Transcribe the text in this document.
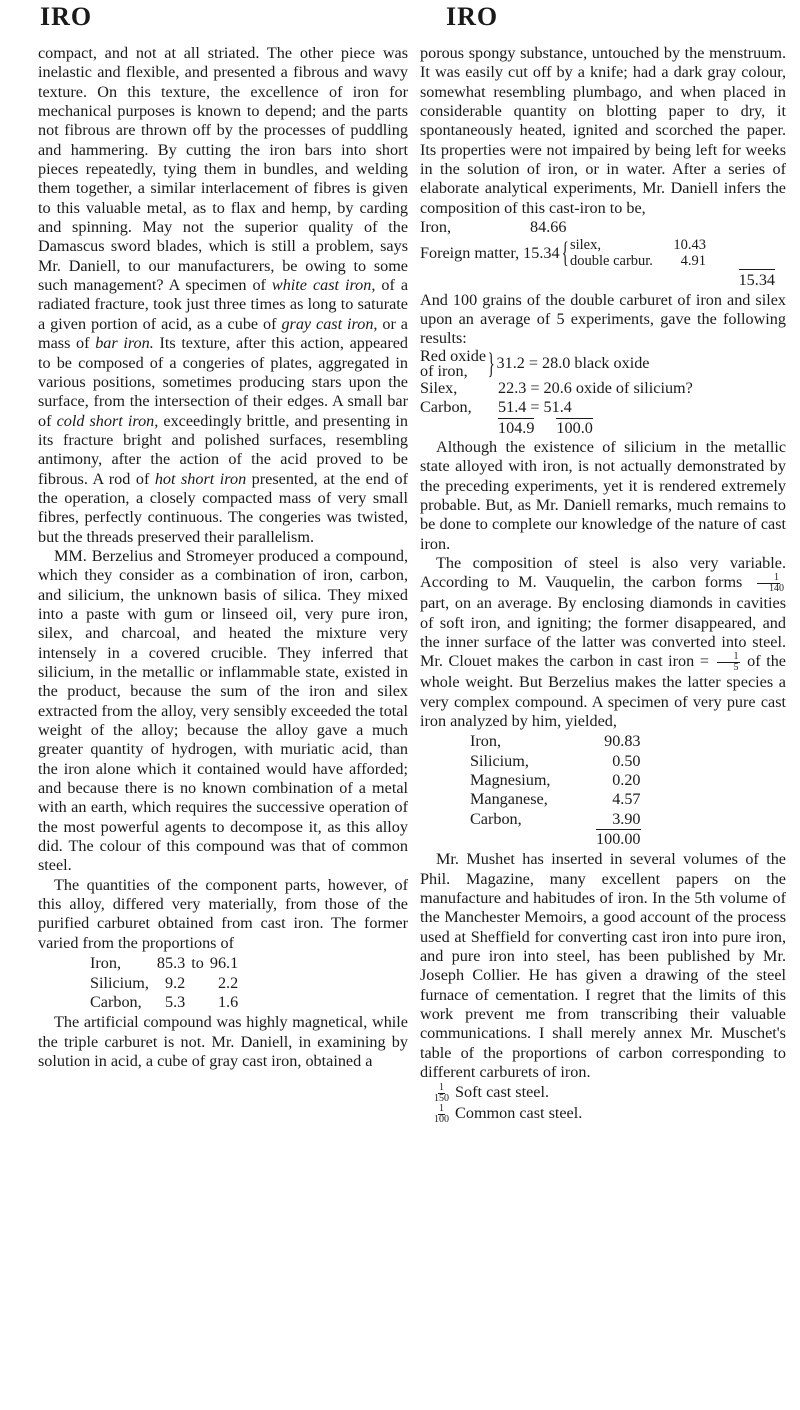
IRO	IRO

compact, and not at all striated. The other piece was inelastic and flexible, and presented a fibrous and wavy texture. On this texture, the excellence of iron for mechanical purposes is known to depend; and the parts not fibrous are thrown off by the processes of puddling and hammering. By cutting the iron bars into short pieces repeatedly, tying them in bundles, and welding them together, a similar interlacement of fibres is given to this valuable metal, as to flax and hemp, by carding and spinning. May not the superior quality of the Damascus sword blades, which is still a problem, says Mr. Daniell, to our manufacturers, be owing to some such management? A specimen of white cast iron, of a radiated fracture, took just three times as long to saturate a given portion of acid, as a cube of gray cast iron, or a mass of bar iron. Its texture, after this action, appeared to be composed of a congeries of plates, aggregated in various positions, sometimes producing stars upon the surface, from the intersection of their edges. A small bar of cold short iron, exceedingly brittle, and presenting in its fracture bright and polished surfaces, resembling antimony, after the action of the acid proved to be fibrous. A rod of hot short iron presented, at the end of the operation, a closely compacted mass of very small fibres, perfectly continuous. The congeries was twisted, but the threads preserved their parallelism.

MM. Berzelius and Stromeyer produced a compound, which they consider as a combination of iron, carbon, and silicium, the unknown basis of silica. They mixed into a paste with gum or linseed oil, very pure iron, silex, and charcoal, and heated the mixture very intensely in a covered crucible. They inferred that silicium, in the metallic or inflammable state, existed in the product, because the sum of the iron and silex extracted from the alloy, very sensibly exceeded the total weight of the alloy; because the alloy gave a much greater quantity of hydrogen, with muriatic acid, than the iron alone which it contained would have afforded; and because there is no known combination of a metal with an earth, which requires the successive operation of the most powerful agents to decompose it, as this alloy did. The colour of this compound was that of common steel.

The quantities of the component parts, however, of this alloy, differed very materially, from those of the purified carburet obtained from cast iron. The former varied from the proportions of

Iron,	85.3	to	96.1
Silicium,	9.2		2.2
Carbon,	5.3		1.6

The artificial compound was highly magnetical, while the triple carburet is not. Mr. Daniell, in examining by solution in acid, a cube of gray cast iron, obtained a

porous spongy substance, untouched by the menstruum. It was easily cut off by a knife; had a dark gray colour, somewhat resembling plumbago, and when placed in considerable quantity on blotting paper to dry, it spontaneously heated, ignited and scorched the paper. Its properties were not impaired by being left for weeks in the solution of iron, or in water. After a series of elaborate analytical experiments, Mr. Daniell infers the composition of this cast-iron to be,

Iron,	84.66
Foreign matter, 15.34 { silex,	10.43
double carbur. 4.91
15.34

And 100 grains of the double carburet of iron and silex upon an average of 5 experiments, gave the following results:

Red oxide
of iron, } 31.2 = 28.0 black oxide
Silex,	22.3 = 20.6 oxide of silicium?
Carbon,	51.4 = 51.4
104.9 100.0

Although the existence of silicium in the metallic state alloyed with iron, is not actually demonstrated by the preceding experiments, yet it is rendered extremely probable. But, as Mr. Daniell remarks, much remains to be done to complete our knowledge of the nature of cast iron.

The composition of steel is also very variable. According to M. Vauquelin, the carbon forms $\frac{1}{140}$
part, on an average. By enclosing diamonds in cavities of soft iron, and igniting; the former disappeared, and the inner surface of the latter was converted into steel. Mr. Clouet makes the carbon in cast iron = $\frac{1}{5}$ of the whole weight. But Berzelius makes the latter species a very complex compound. A specimen of very pure cast iron analyzed by him, yielded,

Iron,	90.83
Silicium,	0.50
Magnesium,	0.20
Manganese,	4.57
Carbon,	3.90
	100.00

Mr. Mushet has inserted in several volumes of the Phil. Magazine, many excellent papers on the manufacture and habitudes of iron. In the 5th volume of the Manchester Memoirs, a good account of the process used at Sheffield for converting cast iron into pure iron, and pure iron into steel, has been published by Mr. Joseph Collier. He has given a drawing of the steel furnace of cementation. I regret that the limits of this work prevent me from transcribing their valuable communications. I shall merely annex Mr. Muschet's table of the proportions of carbon corresponding to different carburets of iron.

$\frac{1}{150}$ Soft cast steel.
$\frac{1}{100}$ Common cast steel.
